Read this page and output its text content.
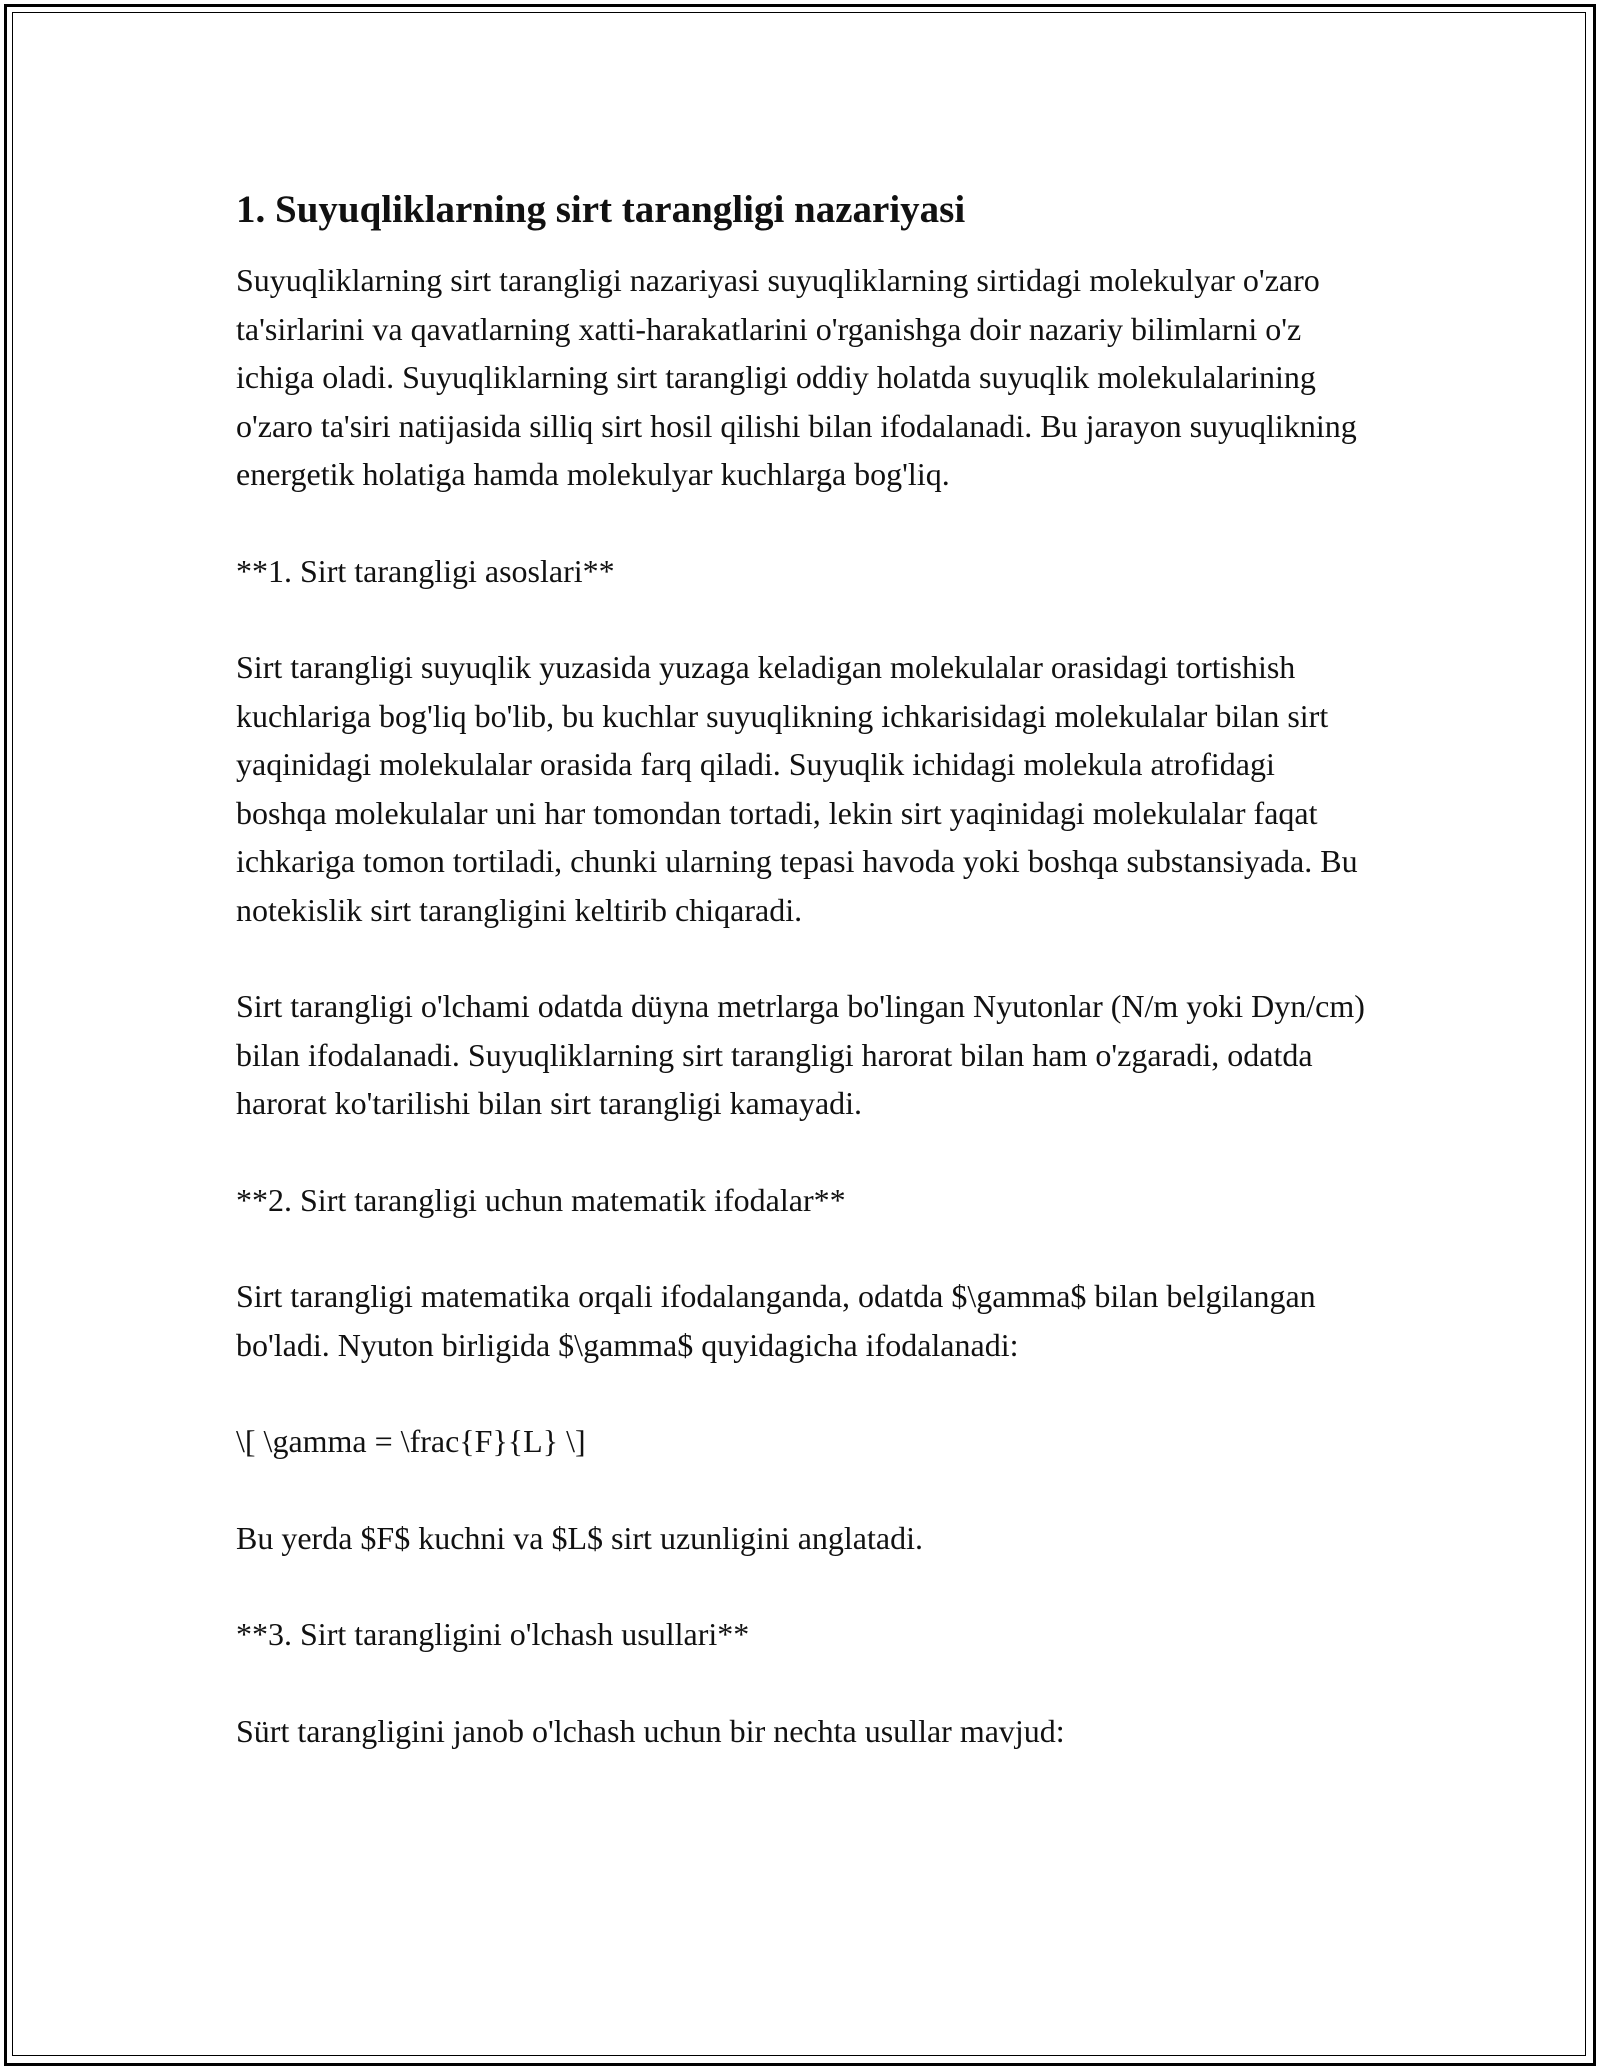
1. Suyuqliklarning sirt tarangligi nazariyasi

Suyuqliklarning sirt tarangligi nazariyasi suyuqliklarning sirtidagi molekulyar o'zaro ta'sirlarini va qavatlarning xatti-harakatlarini o'rganishga doir nazariy bilimlarni o'z ichiga oladi. Suyuqliklarning sirt tarangligi oddiy holatda suyuqlik molekulalarining o'zaro ta'siri natijasida silliq sirt hosil qilishi bilan ifodalanadi. Bu jarayon suyuqlikning energetik holatiga hamda molekulyar kuchlarga bog'liq.

**1. Sirt tarangligi asoslari**

Sirt tarangligi suyuqlik yuzasida yuzaga keladigan molekulalar orasidagi tortishish kuchlariga bog'liq bo'lib, bu kuchlar suyuqlikning ichkarisidagi molekulalar bilan sirt yaqinidagi molekulalar orasida farq qiladi. Suyuqlik ichidagi molekula atrofidagi boshqa molekulalar uni har tomondan tortadi, lekin sirt yaqinidagi molekulalar faqat ichkariga tomon tortiladi, chunki ularning tepasi havoda yoki boshqa substansiyada. Bu notekislik sirt tarangligini keltirib chiqaradi.

Sirt tarangligi o'lchami odatda düyna metrlarga bo'lingan Nyutonlar (N/m yoki Dyn/cm) bilan ifodalanadi. Suyuqliklarning sirt tarangligi harorat bilan ham o'zgaradi, odatda harorat ko'tarilishi bilan sirt tarangligi kamayadi.

**2. Sirt tarangligi uchun matematik ifodalar**

Sirt tarangligi matematika orqali ifodalanganda, odatda $\gamma$ bilan belgilangan bo'ladi. Nyuton birligida $\gamma$ quyidagicha ifodalanadi:

\[ \gamma = \frac{F}{L} \]

Bu yerda $F$ kuchni va $L$ sirt uzunligini anglatadi.

**3. Sirt tarangligini o'lchash usullari**

Sürt tarangligini janob o'lchash uchun bir nechta usullar mavjud:
